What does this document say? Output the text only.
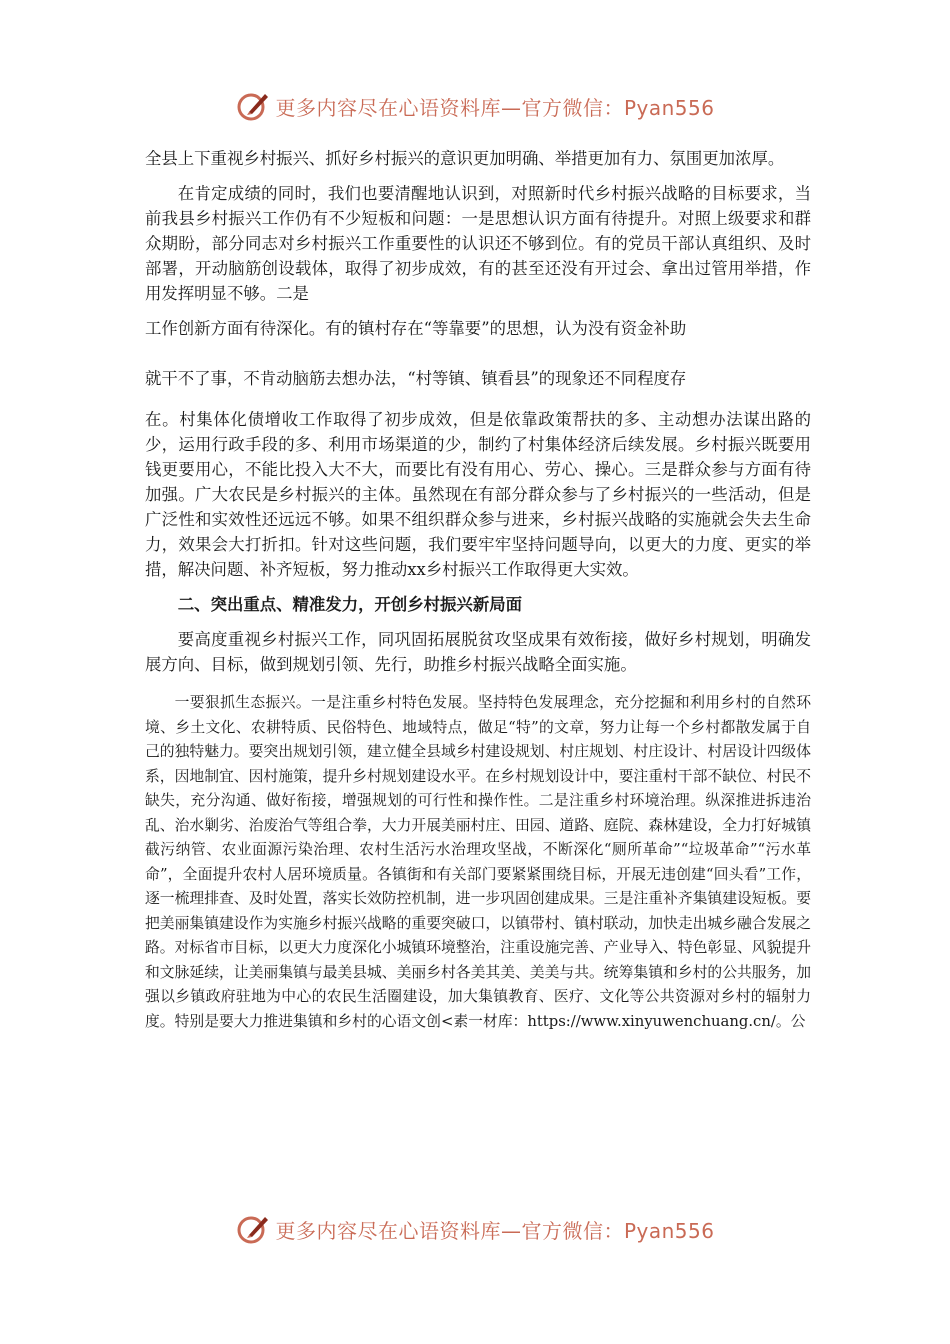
更多内容尽在心语资料库—官方微信：Pyan556

全县上下重视乡村振兴、抓好乡村振兴的意识更加明确、举措更加有力、氛围更加浓厚。

在肯定成绩的同时，我们也要清醒地认识到，对照新时代乡村振兴战略的目标要求，当前我县乡村振兴工作仍有不少短板和问题：一是思想认识方面有待提升。对照上级要求和群众期盼，部分同志对乡村振兴工作重要性的认识还不够到位。有的党员干部认真组织、及时部署，开动脑筋创设载体，取得了初步成效，有的甚至还没有开过会、拿出过管用举措，作用发挥明显不够。二是

工作创新方面有待深化。有的镇村存在“等靠要”的思想，认为没有资金补助

就干不了事，不肯动脑筋去想办法，“村等镇、镇看县”的现象还不同程度存

在。村集体化债增收工作取得了初步成效，但是依靠政策帮扶的多、主动想办法谋出路的少，运用行政手段的多、利用市场渠道的少，制约了村集体经济后续发展。乡村振兴既要用钱更要用心，不能比投入大不大，而要比有没有用心、劳心、操心。三是群众参与方面有待加强。广大农民是乡村振兴的主体。虽然现在有部分群众参与了乡村振兴的一些活动，但是广泛性和实效性还远远不够。如果不组织群众参与进来，乡村振兴战略的实施就会失去生命力，效果会大打折扣。针对这些问题，我们要牢牢坚持问题导向，以更大的力度、更实的举措，解决问题、补齐短板，努力推动xx乡村振兴工作取得更大实效。

二、突出重点、精准发力，开创乡村振兴新局面

要高度重视乡村振兴工作，同巩固拓展脱贫攻坚成果有效衔接，做好乡村规划，明确发展方向、目标，做到规划引领、先行，助推乡村振兴战略全面实施。

一要狠抓生态振兴。一是注重乡村特色发展。坚持特色发展理念，充分挖掘和利用乡村的自然环境、乡土文化、农耕特质、民俗特色、地域特点，做足“特”的文章，努力让每一个乡村都散发属于自己的独特魅力。要突出规划引领，建立健全县域乡村建设规划、村庄规划、村庄设计、村居设计四级体系，因地制宜、因村施策，提升乡村规划建设水平。在乡村规划设计中，要注重村干部不缺位、村民不缺失，充分沟通、做好衔接，增强规划的可行性和操作性。二是注重乡村环境治理。纵深推进拆违治乱、治水剿劣、治废治气等组合拳，大力开展美丽村庄、田园、道路、庭院、森林建设，全力打好城镇截污纳管、农业面源污染治理、农村生活污水治理攻坚战，不断深化“厕所革命”“垃圾革命”“污水革命”，全面提升农村人居环境质量。各镇街和有关部门要紧紧围绕目标，开展无违创建“回头看”工作，逐一梳理排查、及时处置，落实长效防控机制，进一步巩固创建成果。三是注重补齐集镇建设短板。要把美丽集镇建设作为实施乡村振兴战略的重要突破口，以镇带村、镇村联动，加快走出城乡融合发展之路。对标省市目标，以更大力度深化小城镇环境整治，注重设施完善、产业导入、特色彰显、风貌提升和文脉延续，让美丽集镇与最美县城、美丽乡村各美其美、美美与共。统筹集镇和乡村的公共服务，加强以乡镇政府驻地为中心的农民生活圈建设，加大集镇教育、医疗、文化等公共资源对乡村的辐射力度。特别是要大力推进集镇和乡村的心语文创<素一材库：https://www.xinyuwenchuang.cn/。公

更多内容尽在心语资料库—官方微信：Pyan556
